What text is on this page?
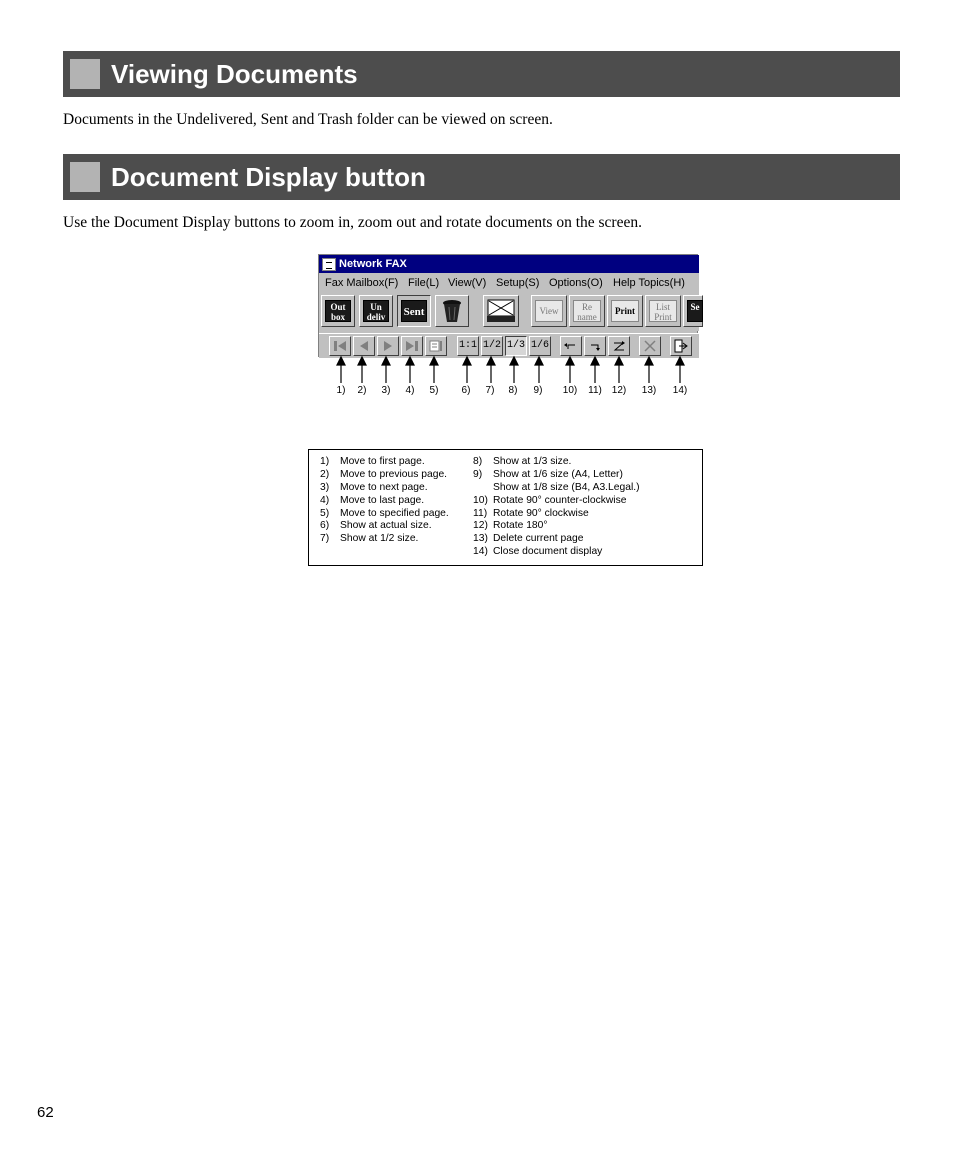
Viewing Documents
Documents in the Undelivered, Sent and Trash folder can be viewed on screen.
Document Display button
Use the Document Display buttons to zoom in, zoom out and rotate documents on the screen.
Network FAX
Fax Mailbox(F) File(L) View(V) Setup(S) Options(O) Help Topics(H)
Out
box
Un
deliv	Sent	View	Re
name
Print	List
Print
Se
1:1 1/2 1/3 1/6
1) 2) 3) 4) 5) 6) 7) 8) 9) 10) 11) 12) 13) 14)
1) Move to first page.
2) Move to previous page.
3) Move to next page.
4) Move to last page.
5) Move to specified page.
6) Show at actual size.
7) Show at 1/2 size.
8) Show at 1/3 size.
9) Show at 1/6 size (A4, Letter)
Show at 1/8 size (B4, A3.Legal.)
10) Rotate 90° counter-clockwise
11) Rotate 90° clockwise
12) Rotate 180°
13) Delete current page
14) Close document display
62
